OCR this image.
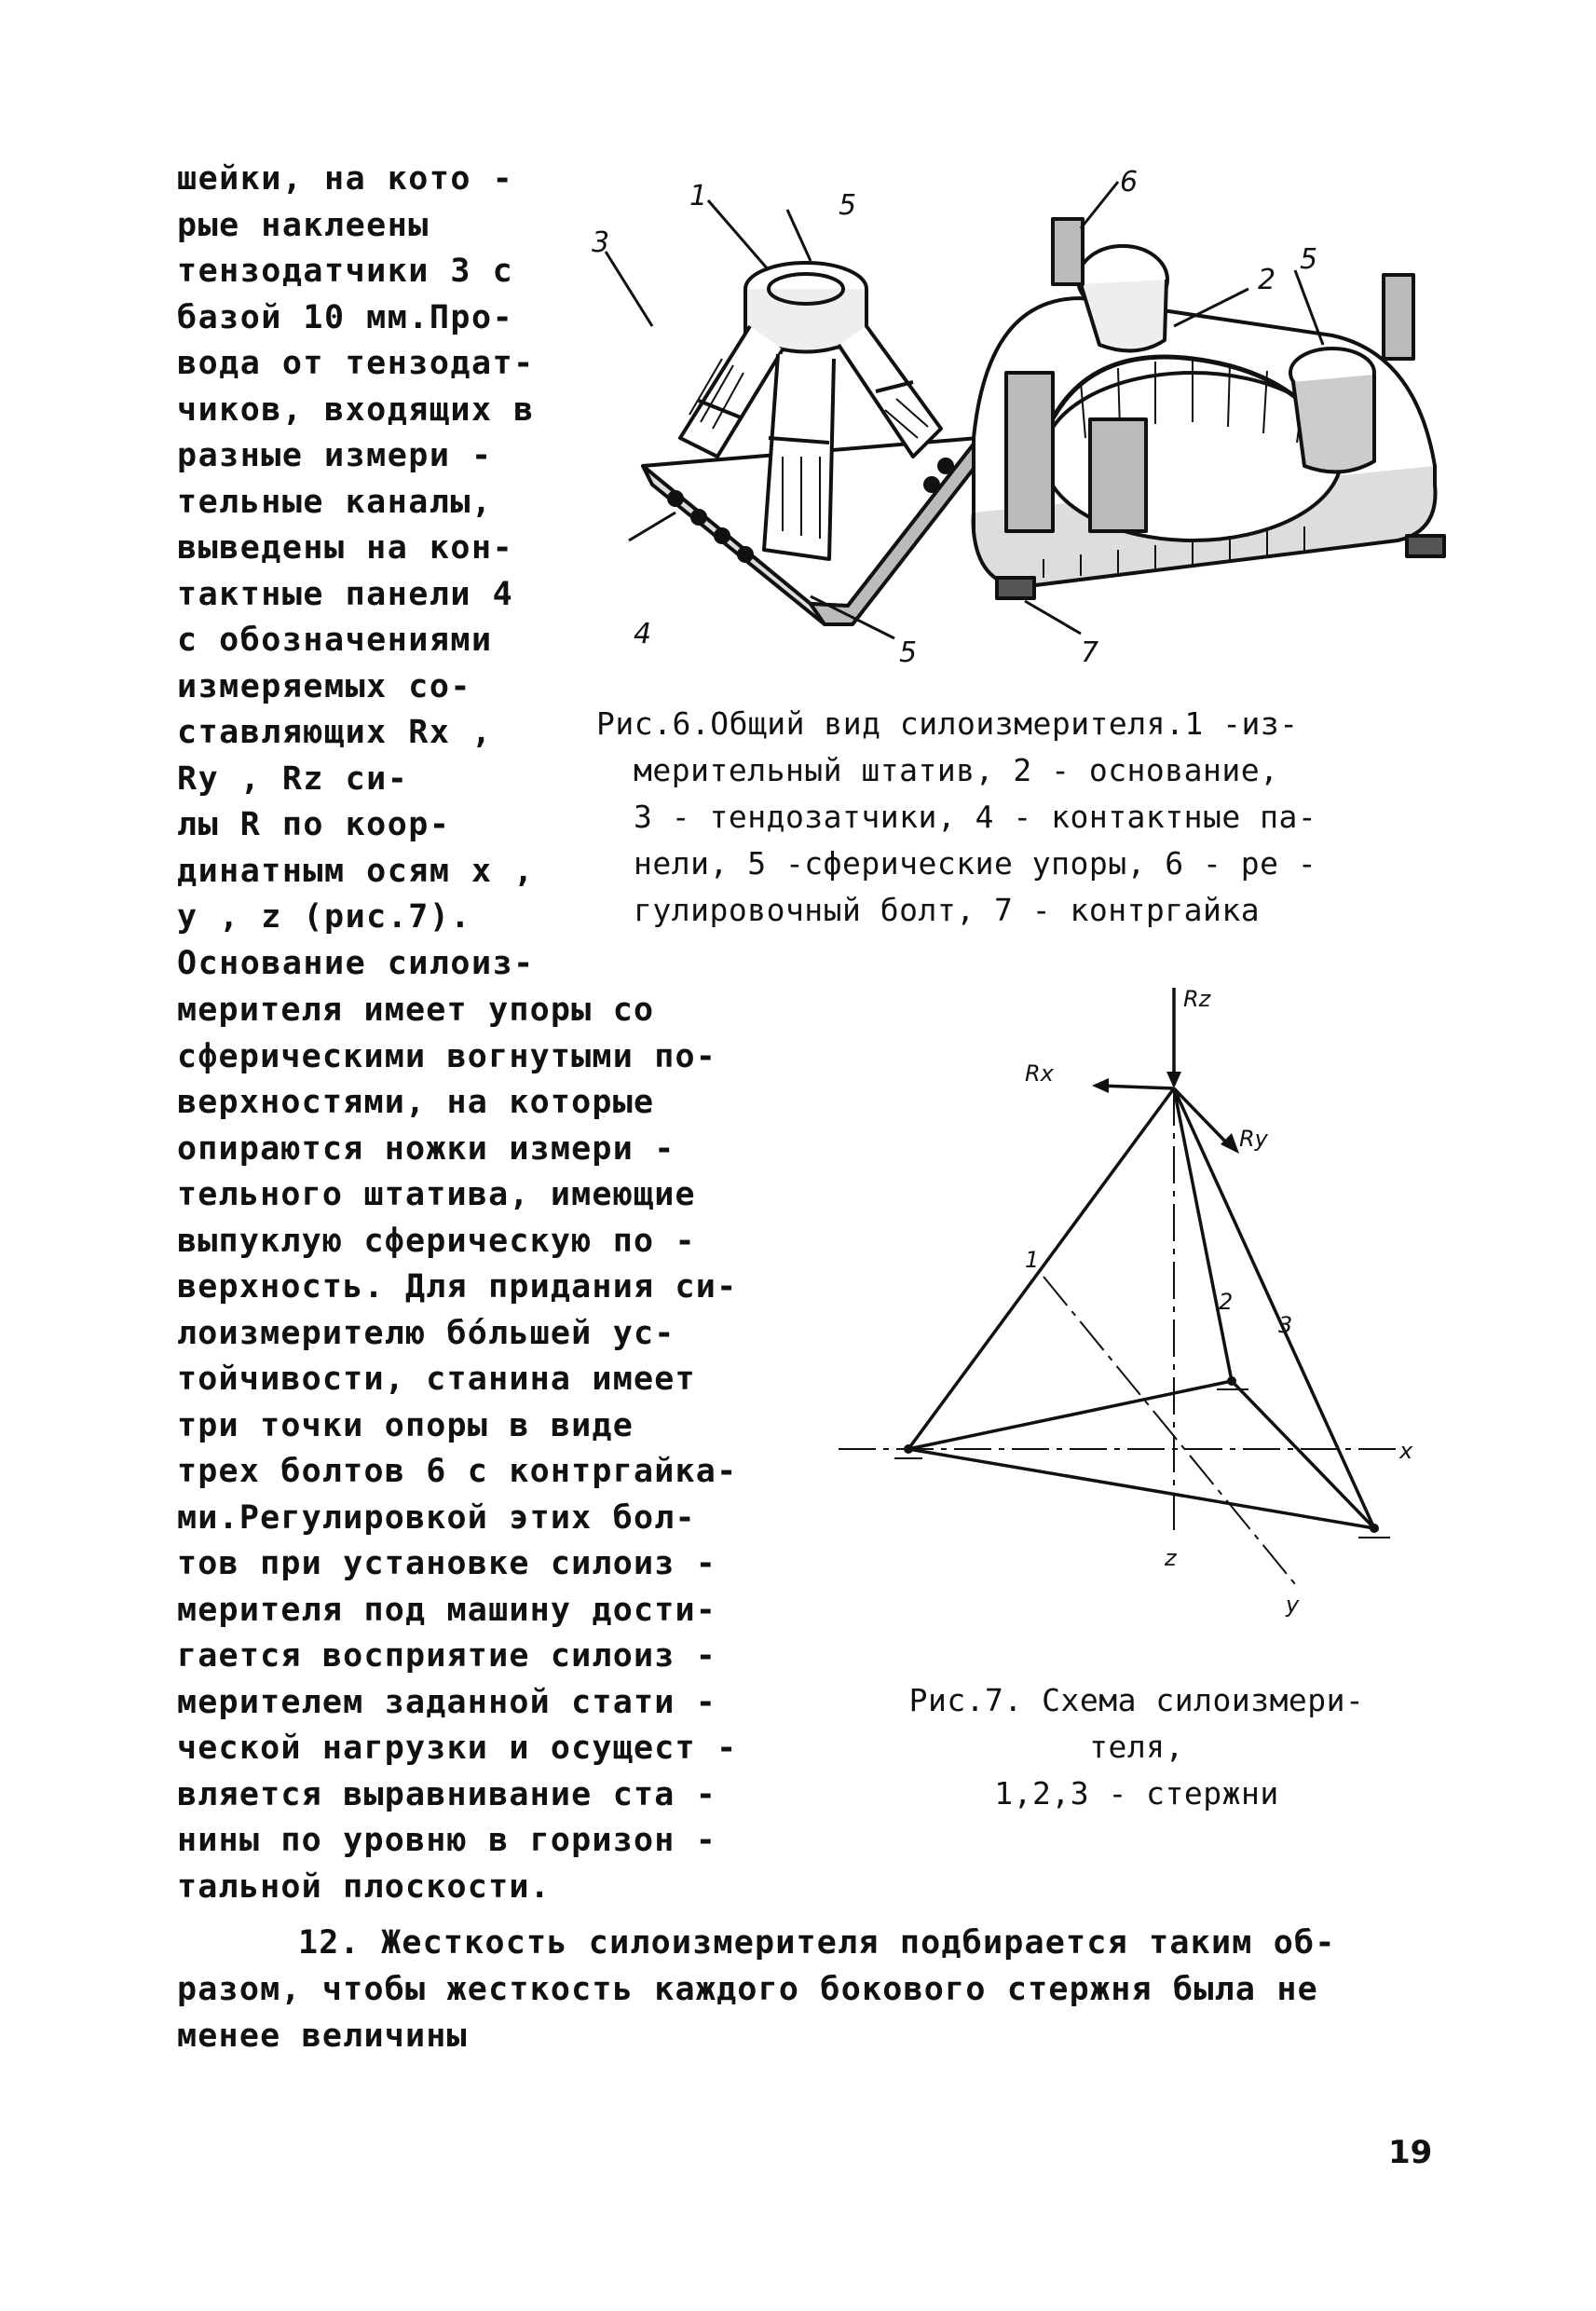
шейки, на кото -
рые наклеены
тензодатчики 3 с
базой 10 мм.Про-
вода от тензодат-
чиков, входящих в
разные измери -
тельные каналы,
выведены на кон-
тактные панели 4
с обозначениями
измеряемых со-
ставляющих Rx ,
Ry , Rz си-
лы R по коор-
динатным осям x ,
y , z (рис.7).
Основание силоиз-
1
2
3
4
5
5
5
6
7
Рис.6.Общий вид силоизмерителя.1 -из-
мерительный штатив, 2 - основание,
3 - тендозатчики, 4 - контактные па-
нели, 5 -сферические упоры, 6 - ре -
гулировочный болт, 7 - контргайка
мерителя имеет упоры со
сферическими вогнутыми по-
верхностями, на которые
опираются ножки измери -
тельного штатива, имеющие
выпуклую сферическую по -
верхность. Для придания си-
лоизмерителю бо́льшей ус-
тойчивости, станина имеет
три точки опоры в виде
трех болтов 6 с контргайка-
ми.Регулировкой этих бол-
тов при установке силоиз -
мерителя под машину дости-
гается восприятие силоиз -
мерителем заданной стати -
ческой нагрузки и осущест -
вляется выравнивание ста -
нины по уровню в горизон -
тальной плоскости.
Rz
Rx
Ry
1
2
3
x
y
z
Рис.7. Схема силоизмери-
теля,
1,2,3 - стержни
12. Жесткость силоизмерителя подбирается таким об-
разом, чтобы жесткость каждого бокового стержня была не
менее величины
19
